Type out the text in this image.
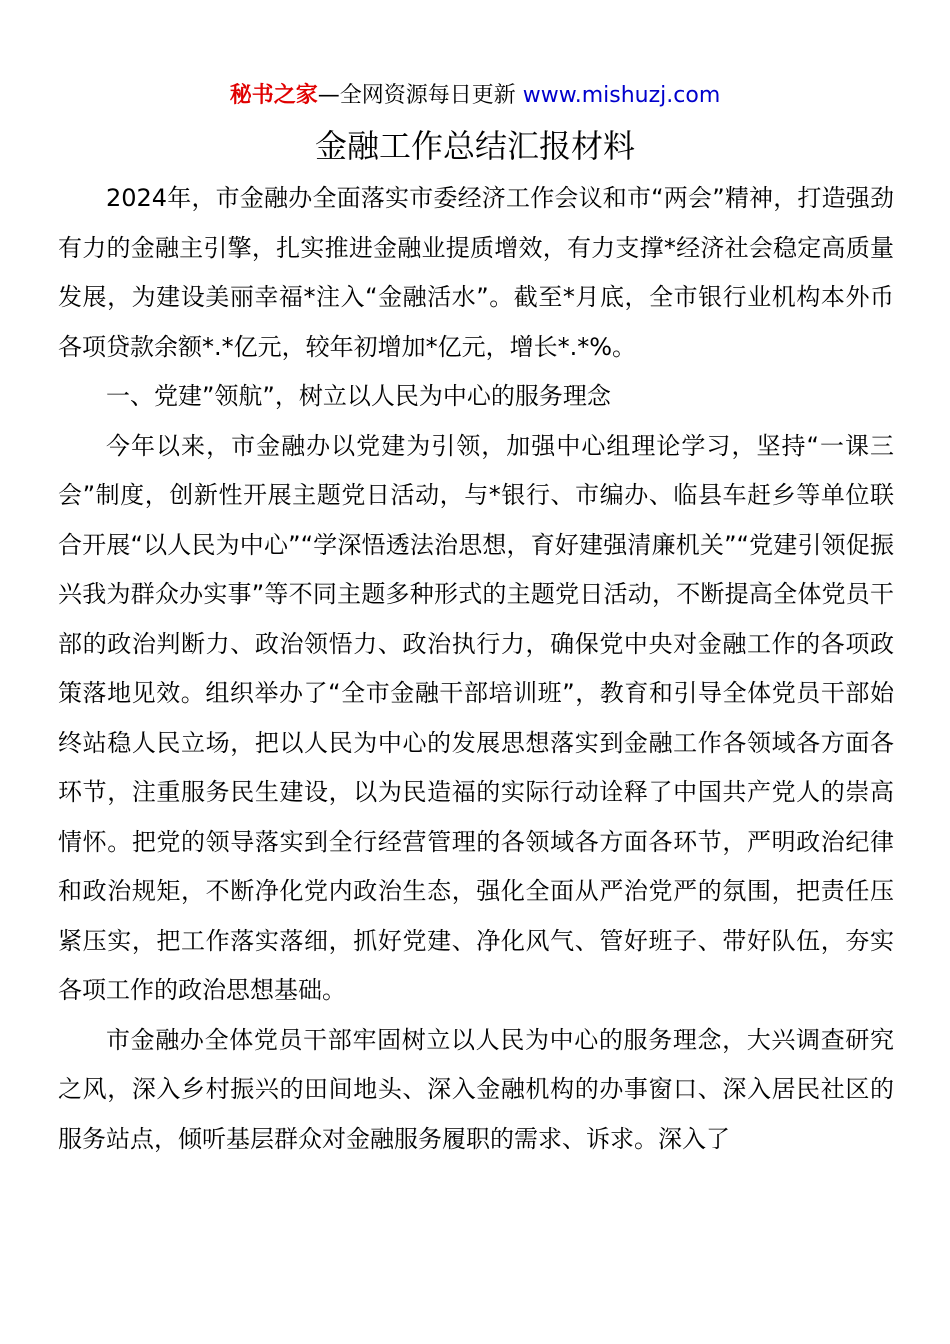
秘书之家—全网资源每日更新 www.mishuzj.com
金融工作总结汇报材料

2024年，市金融办全面落实市委经济工作会议和市“两会”精神，打造强劲有力的金融主引擎，扎实推进金融业提质增效，有力支撑*经济社会稳定高质量发展，为建设美丽幸福*注入“金融活水”。截至*月底，全市银行业机构本外币各项贷款余额*.*亿元，较年初增加*亿元，增长*.*%。

一、党建”领航”，树立以人民为中心的服务理念

今年以来，市金融办以党建为引领，加强中心组理论学习，坚持“一课三会”制度，创新性开展主题党日活动，与*银行、市编办、临县车赶乡等单位联合开展“以人民为中心”“学深悟透法治思想，育好建强清廉机关”“党建引领促振兴我为群众办实事”等不同主题多种形式的主题党日活动，不断提高全体党员干部的政治判断力、政治领悟力、政治执行力，确保党中央对金融工作的各项政策落地见效。组织举办了“全市金融干部培训班”，教育和引导全体党员干部始终站稳人民立场，把以人民为中心的发展思想落实到金融工作各领域各方面各环节，注重服务民生建设，以为民造福的实际行动诠释了中国共产党人的崇高情怀。把党的领导落实到全行经营管理的各领域各方面各环节，严明政治纪律和政治规矩，不断净化党内政治生态，强化全面从严治党严的氛围，把责任压紧压实，把工作落实落细，抓好党建、净化风气、管好班子、带好队伍，夯实各项工作的政治思想基础。

市金融办全体党员干部牢固树立以人民为中心的服务理念，大兴调查研究之风，深入乡村振兴的田间地头、深入金融机构的办事窗口、深入居民社区的服务站点，倾听基层群众对金融服务履职的需求、诉求。深入了
